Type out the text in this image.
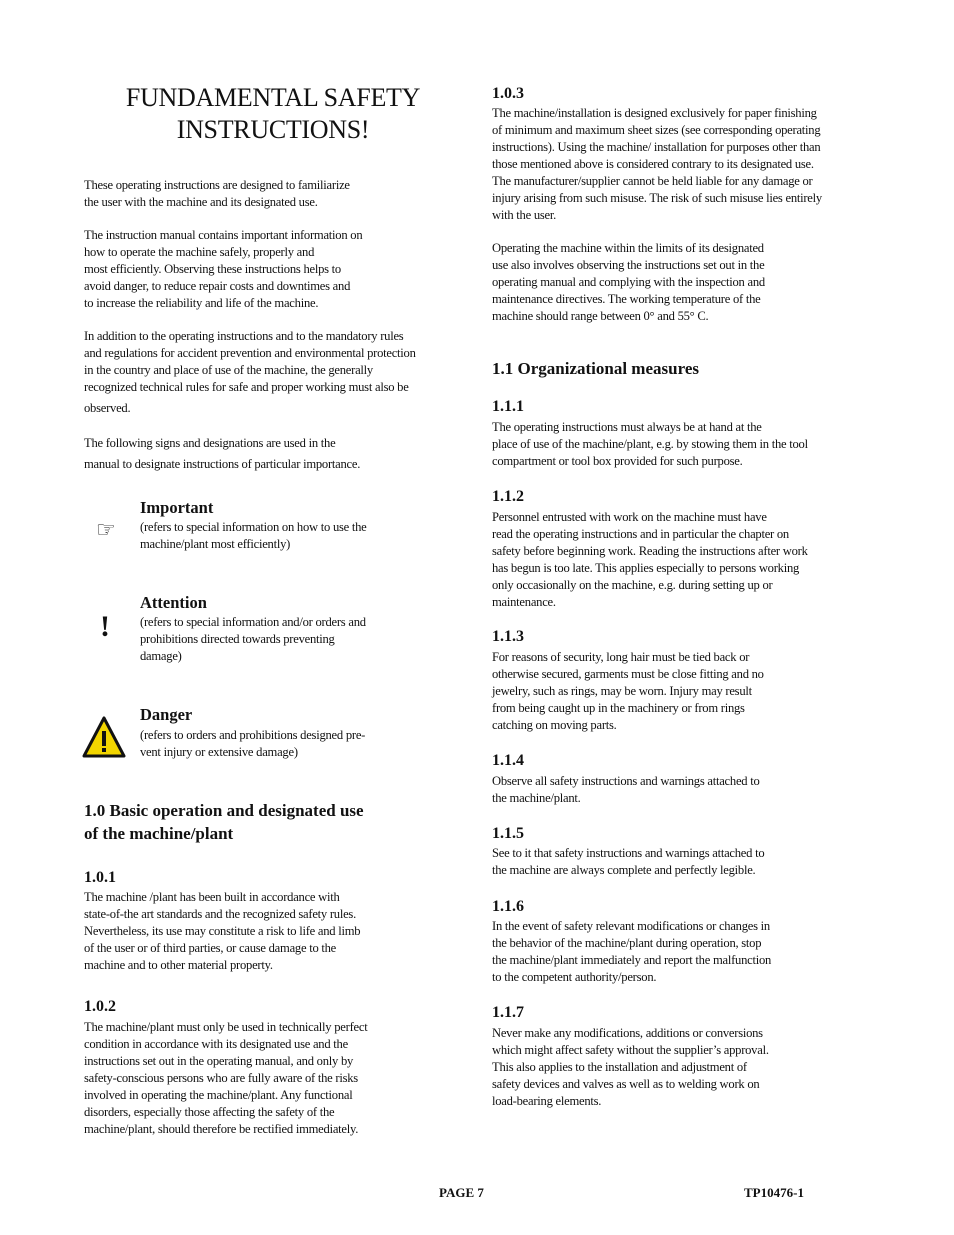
FUNDAMENTAL SAFETY
INSTRUCTIONS!

These operating instructions are designed to familiarize

the user with the machine and its designated use.

The instruction manual contains important information on

how to operate the machine safely, properly and

most efficiently. Observing these instructions helps to

avoid danger, to reduce repair costs and downtimes and

to increase the reliability and life of the machine.

In addition to the operating instructions and to the mandatory rules

and regulations for accident prevention and environmental protection

in the country and place of use of the machine, the generally

recognized technical rules for safe and proper working must also be

observed.

The following signs and designations are used in the

manual to designate instructions of particular importance.

☞
Important

(refers to special information on how to use the

machine/plant most efficiently)

!
Attention

(refers to special information and/or orders and

prohibitions directed towards preventing

damage)

Danger

(refers to orders and prohibitions designed pre-

vent injury or extensive damage)

1.0 Basic operation and designated use
of the machine/plant
1.0.1

The machine /plant has been built in accordance with

state-of-the art standards and the recognized safety rules.

Nevertheless, its use may constitute a risk to life and limb

of the user or of third parties, or cause damage to the

machine and to other material property.

1.0.2

The machine/plant must only be used in technically perfect

condition in accordance with its designated use and the

instructions set out in the operating manual, and only by

safety-conscious persons who are fully aware of the risks

involved in operating the machine/plant. Any functional

disorders, especially those affecting the safety of the

machine/plant, should therefore be rectified immediately.

1.0.3

The machine/installation is designed exclusively for paper finishing

of minimum and maximum sheet sizes (see corresponding operating

instructions). Using the machine/ installation for purposes other than

those mentioned above is considered contrary to its designated use.

The manufacturer/supplier cannot be held liable for any damage or

injury arising from such misuse. The risk of such misuse lies entirely

with the user.

Operating the machine within the limits of its designated

use also involves observing the instructions set out in the

operating manual and complying with the inspection and

maintenance directives. The working temperature of the

machine should range between 0° and 55° C.

1.1 Organizational measures
1.1.1

The operating instructions must always be at hand at the

place of use of the machine/plant, e.g. by stowing them in the tool

compartment or tool box provided for such purpose.

1.1.2

Personnel entrusted with work on the machine must have

read the operating instructions and in particular the chapter on

safety before beginning work. Reading the instructions after work

has begun is too late. This applies especially to persons working

only occasionally on the machine, e.g. during setting up or

maintenance.

1.1.3

For reasons of security, long hair must be tied back or

otherwise secured, garments must be close fitting and no

jewelry, such as rings, may be worn. Injury may result

from being caught up in the machinery or from rings

catching on moving parts.

1.1.4

Observe all safety instructions and warnings attached to

the machine/plant.

1.1.5

See to it that safety instructions and warnings attached to

the machine are always complete and perfectly legible.

1.1.6

In the event of safety relevant modifications or changes in

the behavior of the machine/plant during operation, stop

the machine/plant immediately and report the malfunction

to the competent authority/person.

1.1.7

Never make any modifications, additions or conversions

which might affect safety without the supplier’s approval.

This also applies to the installation and adjustment of

safety devices and valves as well as to welding work on

load-bearing elements.

PAGE 7	TP10476-1
